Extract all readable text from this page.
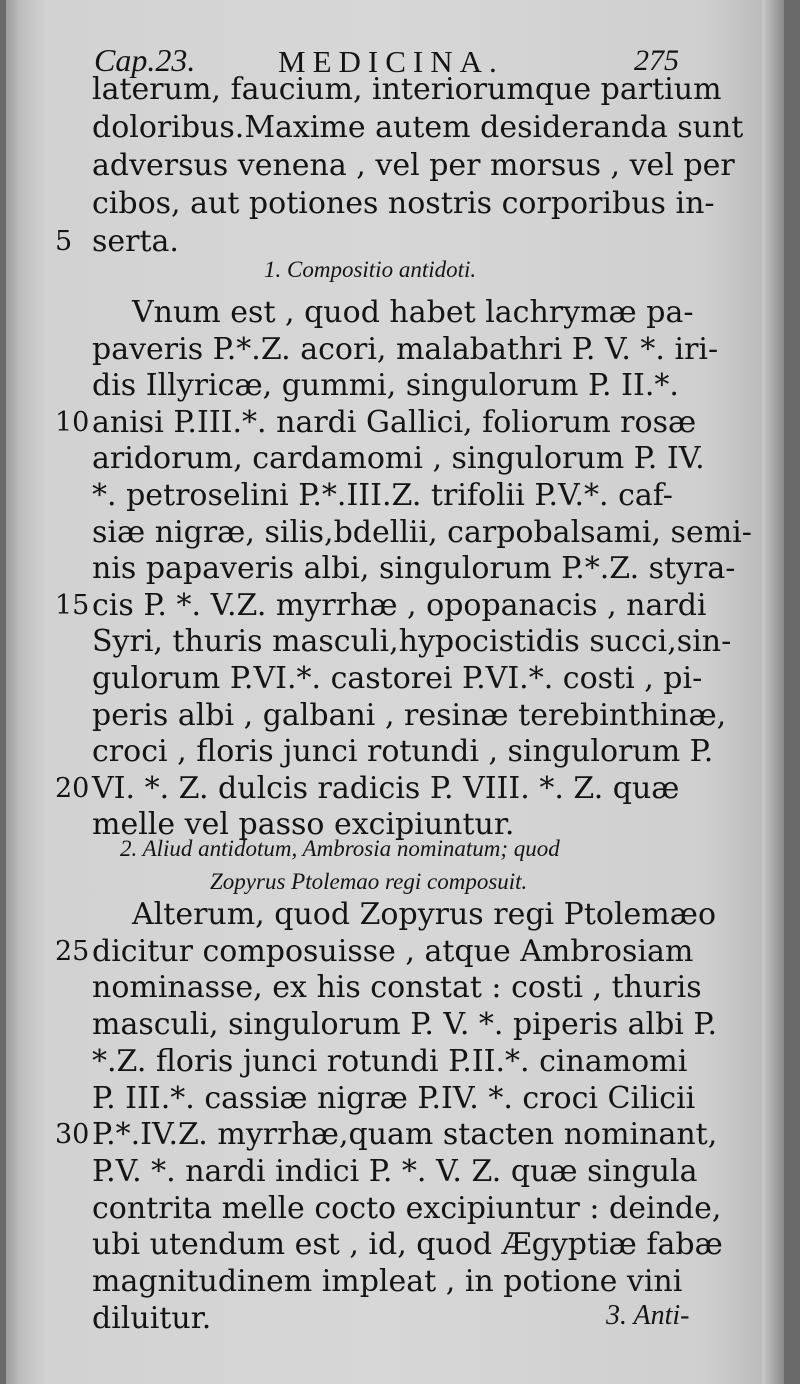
Cap.23.	MEDICINA.	275
laterum, faucium, interiorumque partium
doloribus.Maxime autem desideranda sunt
adversus venena , vel per morsus , vel per
cibos, aut potiones nostris corporibus in-
5 serta.
1. Compositio antidoti.
Vnum est , quod habet lachrymæ pa-
paveris P.*.Z. acori, malabathri P. V. *. iri-
dis Illyricæ, gummi, singulorum P. II.*.
10 anisi P.III.*. nardi Gallici, foliorum rosæ
aridorum, cardamomi , singulorum P. IV.
*. petroselini P.*.III.Z. trifolii P.V.*. caf-
siæ nigræ, silis,bdellii, carpobalsami, semi-
nis papaveris albi, singulorum P.*.Z. styra-
15 cis P. *. V.Z. myrrhæ , opopanacis , nardi
Syri, thuris masculi,hypocistidis succi,sin-
gulorum P.VI.*. castorei P.VI.*. costi , pi-
peris albi , galbani , resinæ terebinthinæ,
croci , floris junci rotundi , singulorum P.
20 VI. *. Z. dulcis radicis P. VIII. *. Z. quæ
melle vel passo excipiuntur.
2. Aliud antidotum, Ambrosia nominatum; quod
Zopyrus Ptolemao regi composuit.
Alterum, quod Zopyrus regi Ptolemæo
25 dicitur composuisse , atque Ambrosiam
nominasse, ex his constat : costi , thuris
masculi, singulorum P. V. *. piperis albi P.
*.Z. floris junci rotundi P.II.*. cinamomi
P. III.*. cassiæ nigræ P.IV. *. croci Cilicii
30 P.*.IV.Z. myrrhæ,quam stacten nominant,
P.V. *. nardi indici P. *. V. Z. quæ singula
contrita melle cocto excipiuntur : deinde,
ubi utendum est , id, quod Ægyptiæ fabæ
magnitudinem impleat , in potione vini
diluitur.	3. Anti-
